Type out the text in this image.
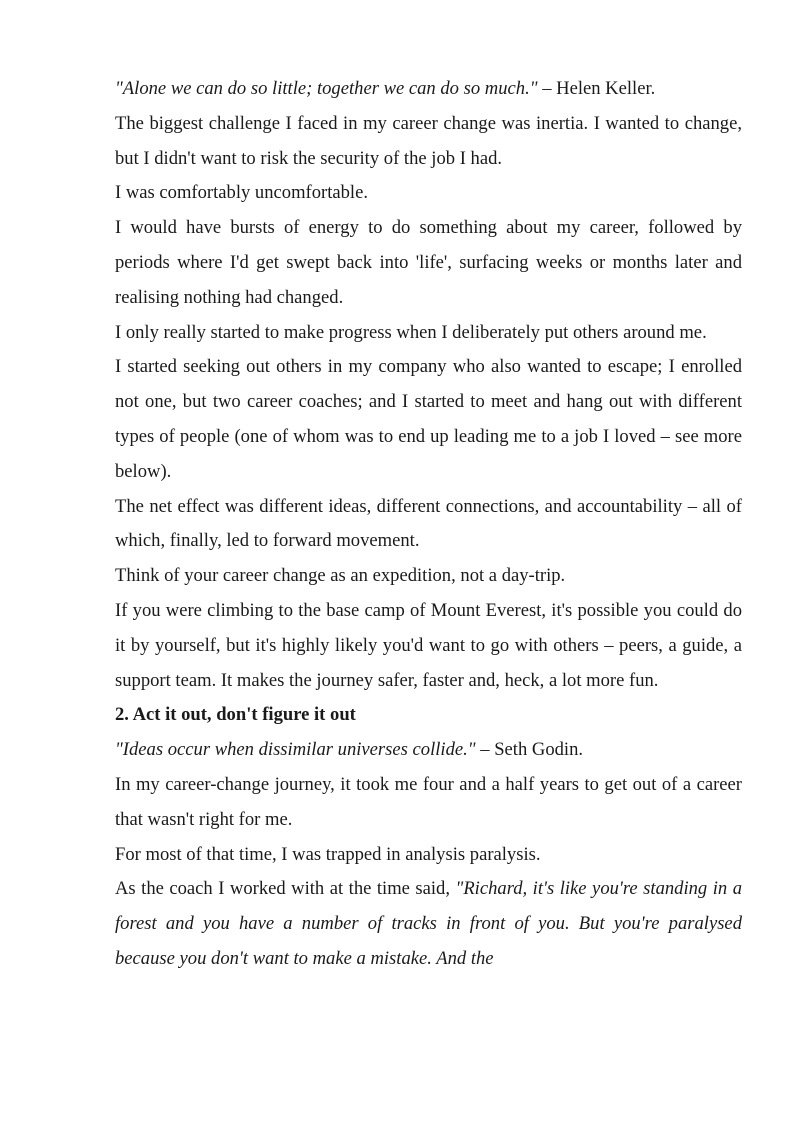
"Alone we can do so little; together we can do so much." – Helen Keller.

The biggest challenge I faced in my career change was inertia. I wanted to change, but I didn't want to risk the security of the job I had.

I was comfortably uncomfortable.

I would have bursts of energy to do something about my career, followed by periods where I'd get swept back into 'life', surfacing weeks or months later and realising nothing had changed.

I only really started to make progress when I deliberately put others around me.

I started seeking out others in my company who also wanted to escape; I enrolled not one, but two career coaches; and I started to meet and hang out with different types of people (one of whom was to end up leading me to a job I loved – see more below).

The net effect was different ideas, different connections, and accountability – all of which, finally, led to forward movement.

Think of your career change as an expedition, not a day-trip.

If you were climbing to the base camp of Mount Everest, it's possible you could do it by yourself, but it's highly likely you'd want to go with others – peers, a guide, a support team. It makes the journey safer, faster and, heck, a lot more fun.

2. Act it out, don't figure it out

"Ideas occur when dissimilar universes collide." – Seth Godin.

In my career-change journey, it took me four and a half years to get out of a career that wasn't right for me.

For most of that time, I was trapped in analysis paralysis.

As the coach I worked with at the time said, "Richard, it's like you're standing in a forest and you have a number of tracks in front of you. But you're paralysed because you don't want to make a mistake. And the
